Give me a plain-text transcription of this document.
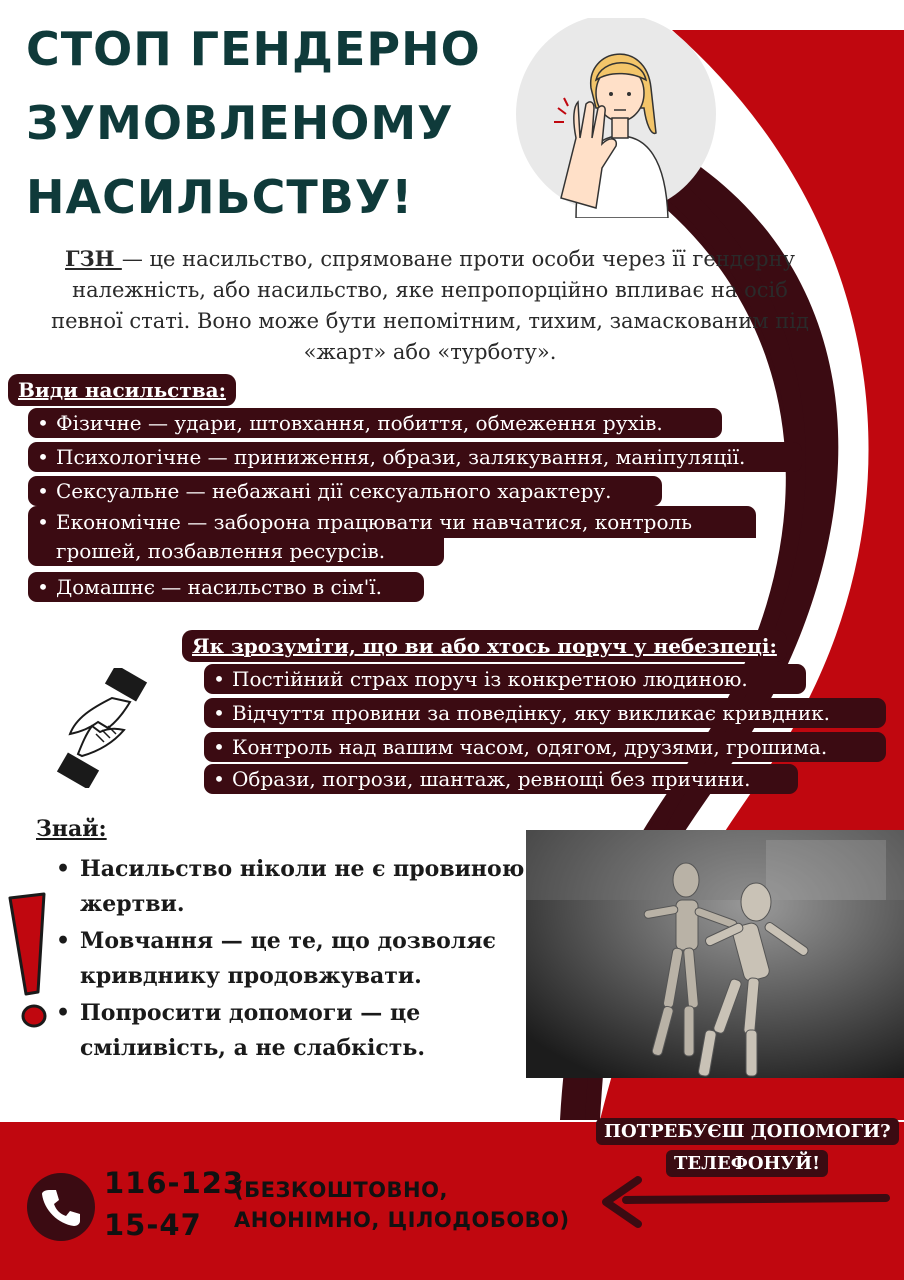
СТОП ГЕНДЕРНО
ЗУМОВЛЕНОМУ
НАСИЛЬСТВУ!
ГЗН — це насильство, спрямоване проти особи через її гендерну належність, або насильство, яке непропорційно впливає на осіб певної статі. Воно може бути непомітним, тихим, замаскованим під «жарт» або «турботу».
Види насильства:
• Фізичне — удари, штовхання, побиття, обмеження рухів.
• Психологічне — приниження, образи, залякування, маніпуляції.
• Сексуальне — небажані дії сексуального характеру.
• Економічне — заборона працювати чи навчатися, контроль
грошей, позбавлення ресурсів.
• Домашнє — насильство в сім'ї.
Як зрозуміти, що ви або хтось поруч у небезпеці:
• Постійний страх поруч із конкретною людиною.
• Відчуття провини за поведінку, яку викликає кривдник.
• Контроль над вашим часом, одягом, друзями, грошима.
• Образи, погрози, шантаж, ревнощі без причини.
Знай:
• Насильство ніколи не є провиною жертви.
• Мовчання — це те, що дозволяє кривднику продовжувати.
• Попросити допомоги — це сміливість, а не слабкість.
ПОТРЕБУЄШ ДОПОМОГИ?
ТЕЛЕФОНУЙ!
116-123
15-47
(БЕЗКОШТОВНО,
АНОНІМНО, ЦІЛОДОБОВО)
